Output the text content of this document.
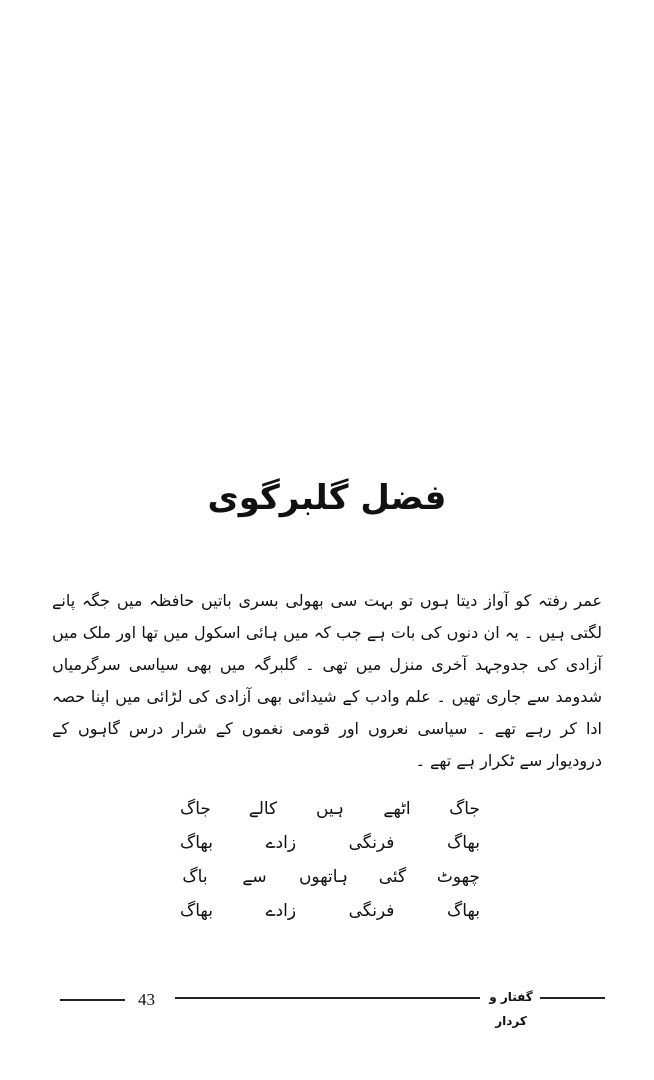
فضل گلبرگوی

عمر رفتہ کو آواز دیتا ہوں تو بہت سی بھولی بسری باتیں حافظہ میں جگہ پانے لگتی ہیں ۔ یہ ان دنوں کی بات ہے جب کہ میں ہائی اسکول میں تھا اور ملک میں آزادی کی جدوجہد آخری منزل میں تھی ۔ گلبرگہ میں بھی سیاسی سرگرمیاں شدومد سے جاری تھیں ۔ علم وادب کے شیدائی بھی آزادی کی لڑائی میں اپنا حصہ ادا کر رہے تھے ۔ سیاسی نعروں اور قومی نغموں کے شرار درس گاہوں کے درودیوار سے ٹکرار ہے تھے ۔

جاگ
اٹھے
ہیں
کالے
جاگ
بھاگ
فرنگی
زادے
بھاگ
چھوٹ
گئی
ہاتھوں
سے
باگ
بھاگ
فرنگی
زادے
بھاگ
43	گفتار و کردار
